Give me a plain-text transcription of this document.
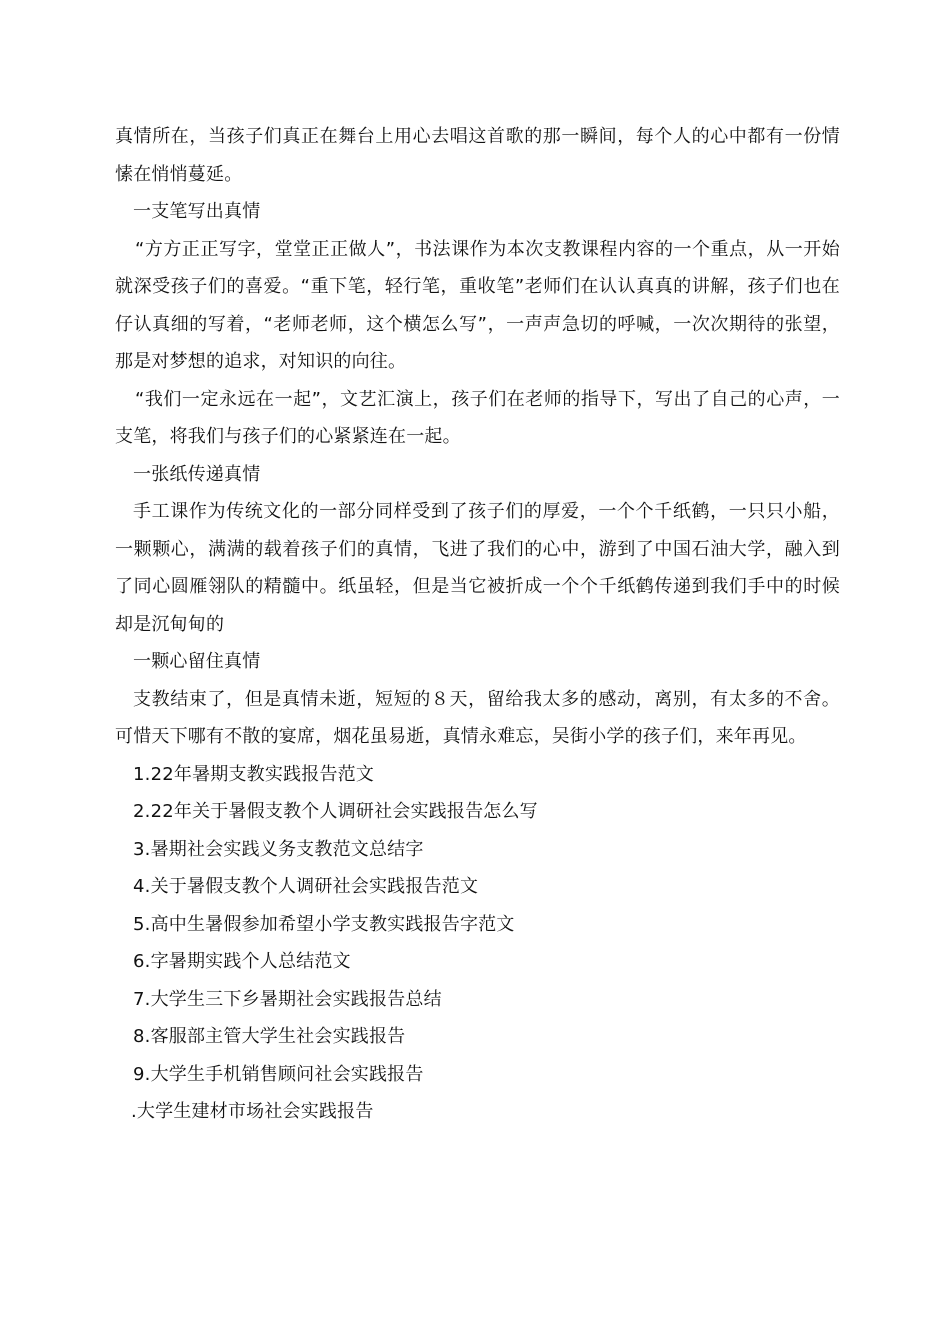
真情所在，当孩子们真正在舞台上用心去唱这首歌的那一瞬间，每个人的心中都有一份情愫在悄悄蔓延。

一支笔写出真情

“方方正正写字，堂堂正正做人”，书法课作为本次支教课程内容的一个重点，从一开始就深受孩子们的喜爱。“重下笔，轻行笔，重收笔”老师们在认认真真的讲解，孩子们也在仔认真细的写着，“老师老师，这个横怎么写”，一声声急切的呼喊，一次次期待的张望，那是对梦想的追求，对知识的向往。

“我们一定永远在一起”，文艺汇演上，孩子们在老师的指导下，写出了自己的心声，一支笔，将我们与孩子们的心紧紧连在一起。

一张纸传递真情

手工课作为传统文化的一部分同样受到了孩子们的厚爱，一个个千纸鹤，一只只小船，一颗颗心，满满的载着孩子们的真情，飞进了我们的心中，游到了中国石油大学，融入到了同心圆雁翎队的精髓中。纸虽轻，但是当它被折成一个个千纸鹤传递到我们手中的时候却是沉甸甸的

一颗心留住真情

支教结束了，但是真情未逝，短短的８天，留给我太多的感动，离别，有太多的不舍。可惜天下哪有不散的宴席，烟花虽易逝，真情永难忘，吴街小学的孩子们，来年再见。

1.22年暑期支教实践报告范文
2.22年关于暑假支教个人调研社会实践报告怎么写
3.暑期社会实践义务支教范文总结字
4.关于暑假支教个人调研社会实践报告范文
5.高中生暑假参加希望小学支教实践报告字范文
6.字暑期实践个人总结范文
7.大学生三下乡暑期社会实践报告总结
8.客服部主管大学生社会实践报告
9.大学生手机销售顾问社会实践报告
.大学生建材市场社会实践报告
